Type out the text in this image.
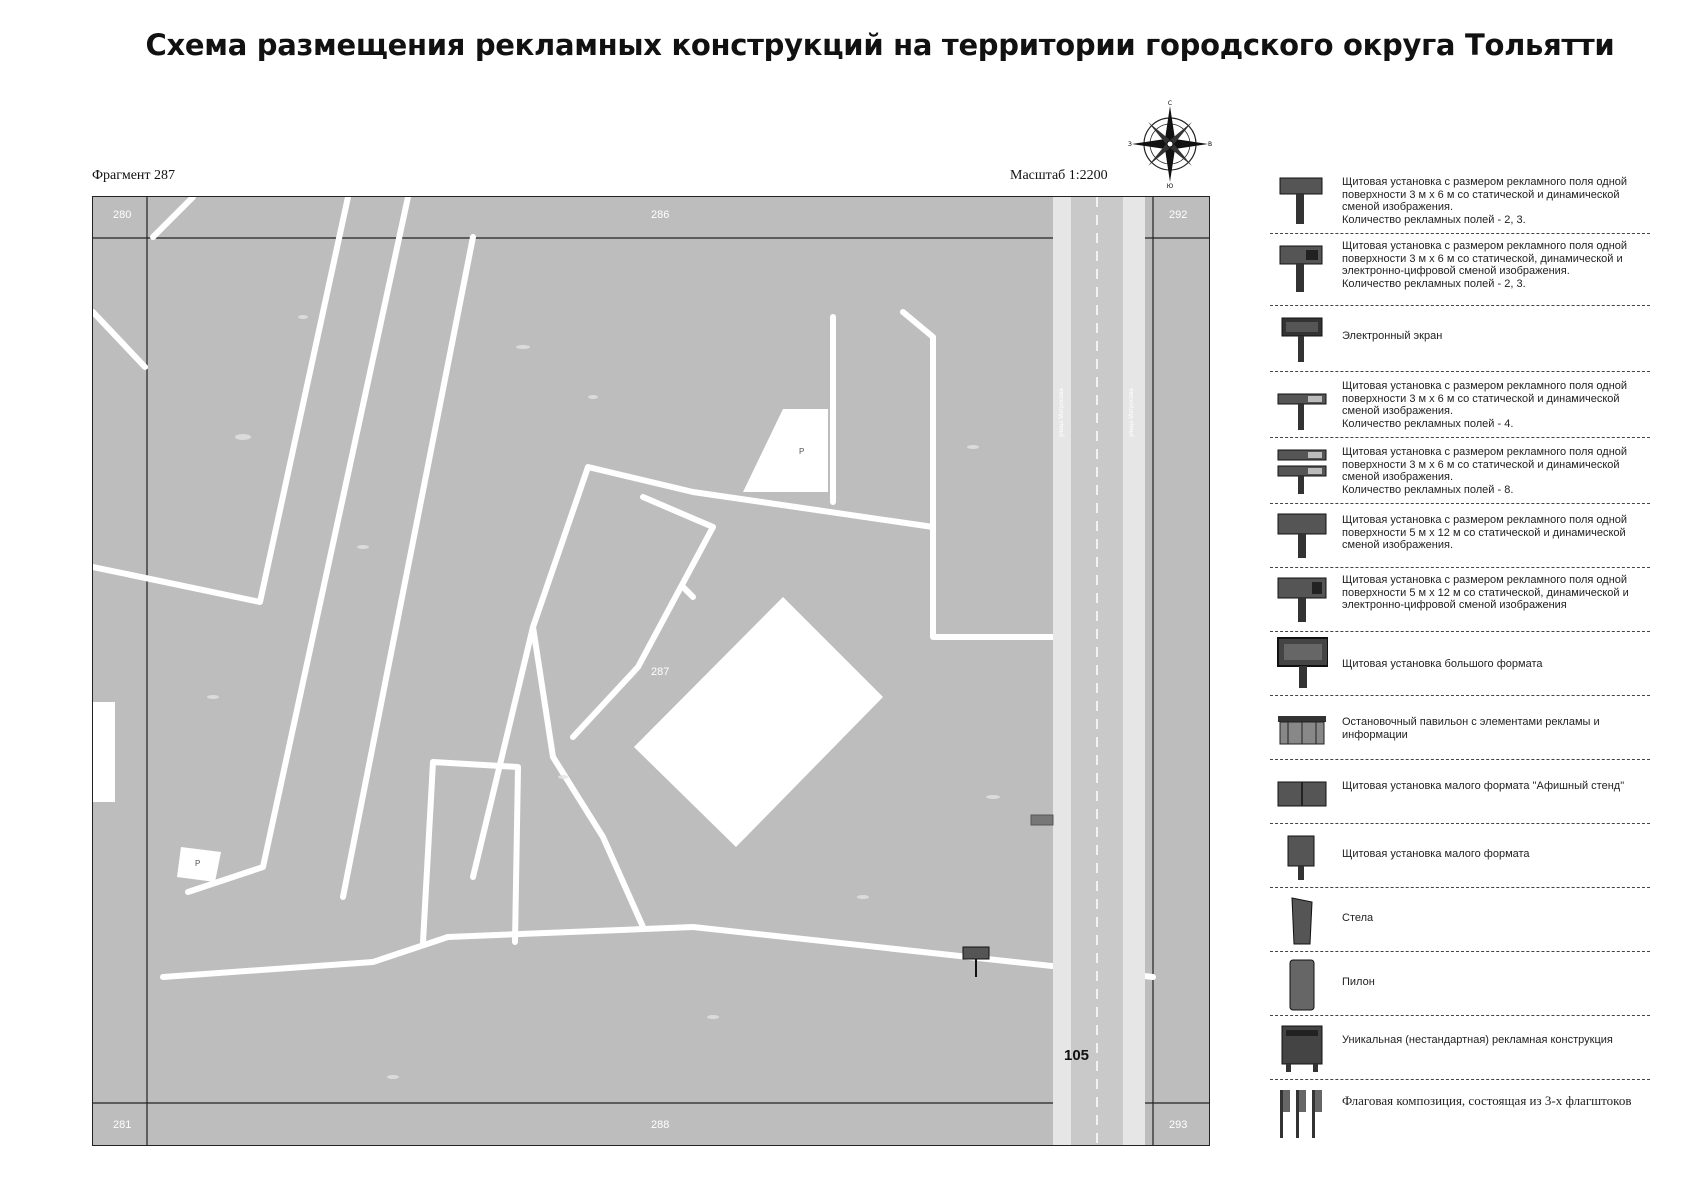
Схема размещения рекламных конструкций на территории городского округа Тольятти
Фрагмент 287	Масштаб 1:2200
С
Ю
З	В
280	286	292
287
281	288	293
улица Матросова	улица Матросова
P
P
105
Щитовая установка с размером рекламного поля одной поверхности 3 м х 6 м со статической и динамической сменой изображения.
Количество рекламных полей - 2, 3.
Щитовая установка с размером рекламного поля одной поверхности 3 м х 6 м со статической, динамической и электронно-цифровой сменой изображения.
Количество рекламных полей - 2, 3.
Электронный экран
Щитовая установка с размером рекламного поля одной поверхности 3 м х 6 м со статической и динамической сменой изображения.
Количество рекламных полей - 4.
Щитовая установка с размером рекламного поля одной поверхности 3 м х 6 м со статической и динамической сменой изображения.
Количество рекламных полей - 8.
Щитовая установка с размером рекламного поля одной поверхности 5 м х 12 м со статической и динамической сменой изображения.
Щитовая установка с размером рекламного поля одной поверхности 5 м х 12 м со статической, динамической и электронно-цифровой сменой изображения
Щитовая установка большого формата
Остановочный павильон с элементами рекламы и информации
Щитовая установка малого формата "Афишный стенд"
Щитовая установка малого формата
Стела
Пилон
Уникальная (нестандартная) рекламная конструкция
Флаговая композиция, состоящая из 3-х флагштоков
